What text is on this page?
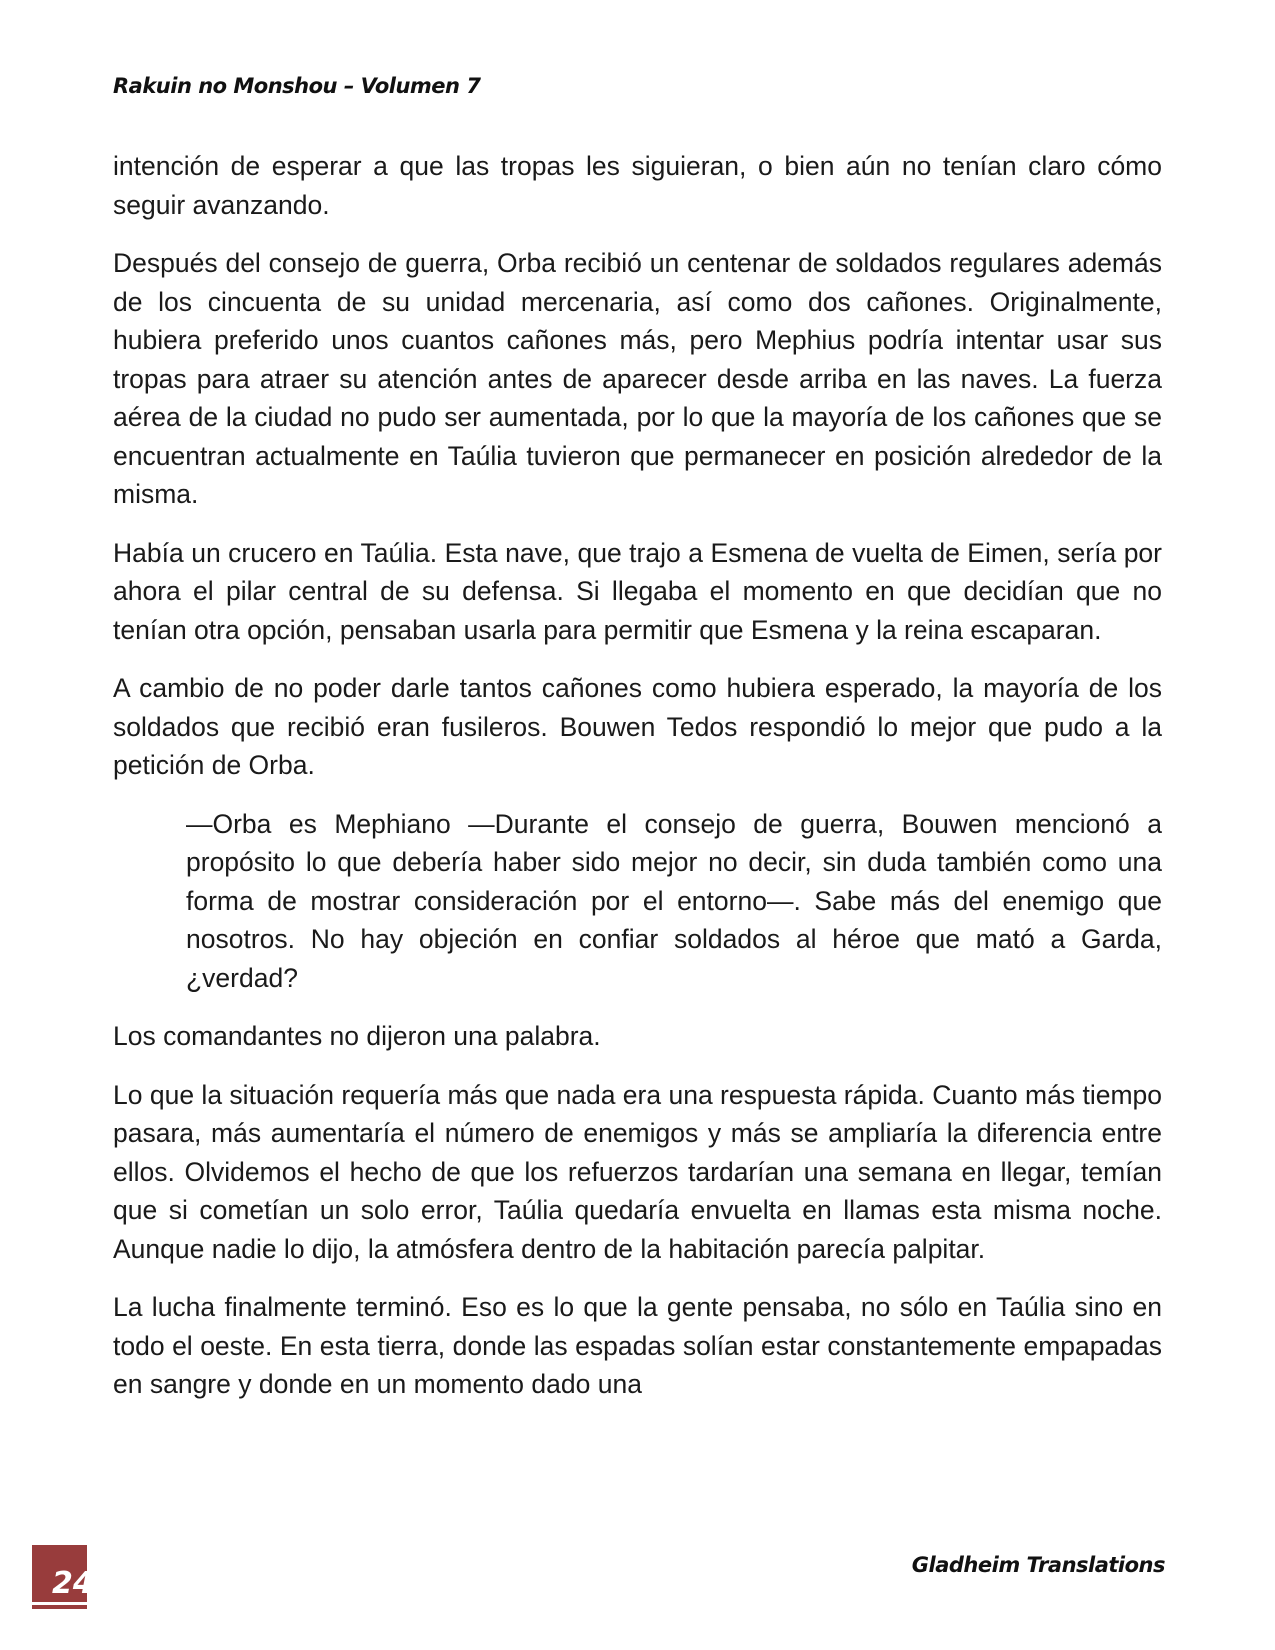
Rakuin no Monshou – Volumen 7

intención de esperar a que las tropas les siguieran, o bien aún no tenían claro cómo seguir avanzando.

Después del consejo de guerra, Orba recibió un centenar de soldados regulares además de los cincuenta de su unidad mercenaria, así como dos cañones. Originalmente, hubiera preferido unos cuantos cañones más, pero Mephius podría intentar usar sus tropas para atraer su atención antes de aparecer desde arriba en las naves. La fuerza aérea de la ciudad no pudo ser aumentada, por lo que la mayoría de los cañones que se encuentran actualmente en Taúlia tuvieron que permanecer en posición alrededor de la misma.

Había un crucero en Taúlia. Esta nave, que trajo a Esmena de vuelta de Eimen, sería por ahora el pilar central de su defensa. Si llegaba el momento en que decidían que no tenían otra opción, pensaban usarla para permitir que Esmena y la reina escaparan.

A cambio de no poder darle tantos cañones como hubiera esperado, la mayoría de los soldados que recibió eran fusileros. Bouwen Tedos respondió lo mejor que pudo a la petición de Orba.

—Orba es Mephiano —Durante el consejo de guerra, Bouwen mencionó a propósito lo que debería haber sido mejor no decir, sin duda también como una forma de mostrar consideración por el entorno—. Sabe más del enemigo que nosotros. No hay objeción en confiar soldados al héroe que mató a Garda, ¿verdad?

Los comandantes no dijeron una palabra.

Lo que la situación requería más que nada era una respuesta rápida. Cuanto más tiempo pasara, más aumentaría el número de enemigos y más se ampliaría la diferencia entre ellos. Olvidemos el hecho de que los refuerzos tardarían una semana en llegar, temían que si cometían un solo error, Taúlia quedaría envuelta en llamas esta misma noche. Aunque nadie lo dijo, la atmósfera dentro de la habitación parecía palpitar.

La lucha finalmente terminó. Eso es lo que la gente pensaba, no sólo en Taúlia sino en todo el oeste. En esta tierra, donde las espadas solían estar constantemente empapadas en sangre y donde en un momento dado una

24
Gladheim Translations
